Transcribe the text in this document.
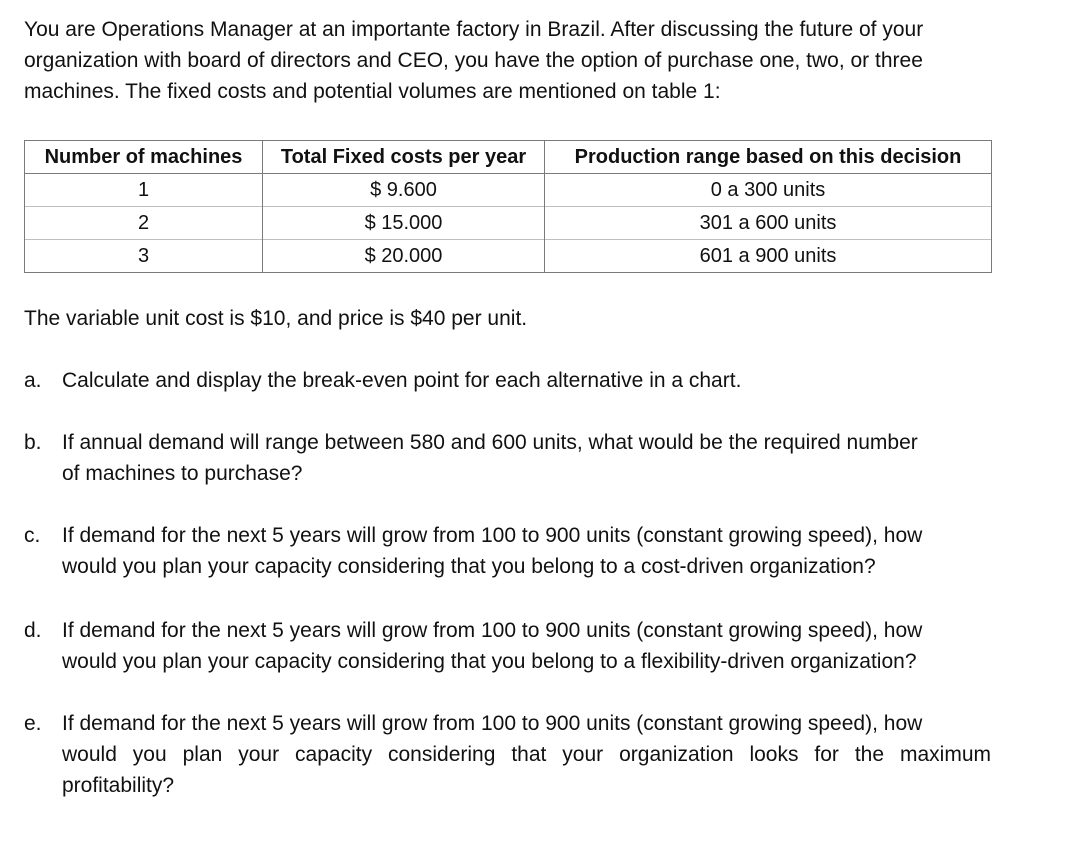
You are Operations Manager at an importante factory in Brazil. After discussing the future of your
organization with board of directors and CEO, you have the option of purchase one, two, or three
machines. The fixed costs and potential volumes are mentioned on table 1:
Number of machines	Total Fixed costs per year	Production range based on this decision
1	$ 9.600	0 a 300 units
2	$ 15.000	301 a 600 units
3	$ 20.000	601 a 900 units
The variable unit cost is $10, and price is $40 per unit.
a. Calculate and display the break-even point for each alternative in a chart.
b. If annual demand will range between 580 and 600 units, what would be the required number
of machines to purchase?
c.	If demand for the next 5 years will grow from 100 to 900 units (constant growing speed), how
would you plan your capacity considering that you belong to a cost-driven organization?
d. If demand for the next 5 years will grow from 100 to 900 units (constant growing speed), how
would you plan your capacity considering that you belong to a flexibility-driven organization?
e. If demand for the next 5 years will grow from 100 to 900 units (constant growing speed), how
would you plan your capacity considering that your organization looks for the maximum
profitability?
